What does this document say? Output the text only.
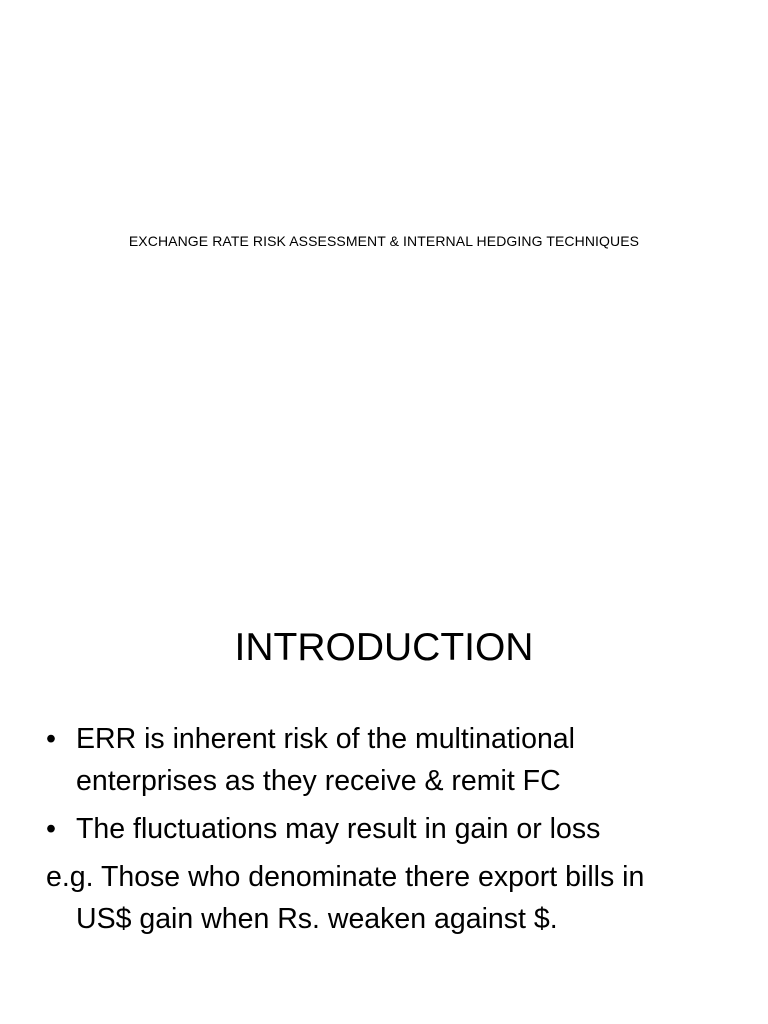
EXCHANGE RATE RISK ASSESSMENT & INTERNAL HEDGING TECHNIQUES
INTRODUCTION
• ERR is inherent risk of the multinational
enterprises as they receive & remit FC
• The fluctuations may result in gain or loss
e.g. Those who denominate there export bills in
US$ gain when Rs. weaken against $.
